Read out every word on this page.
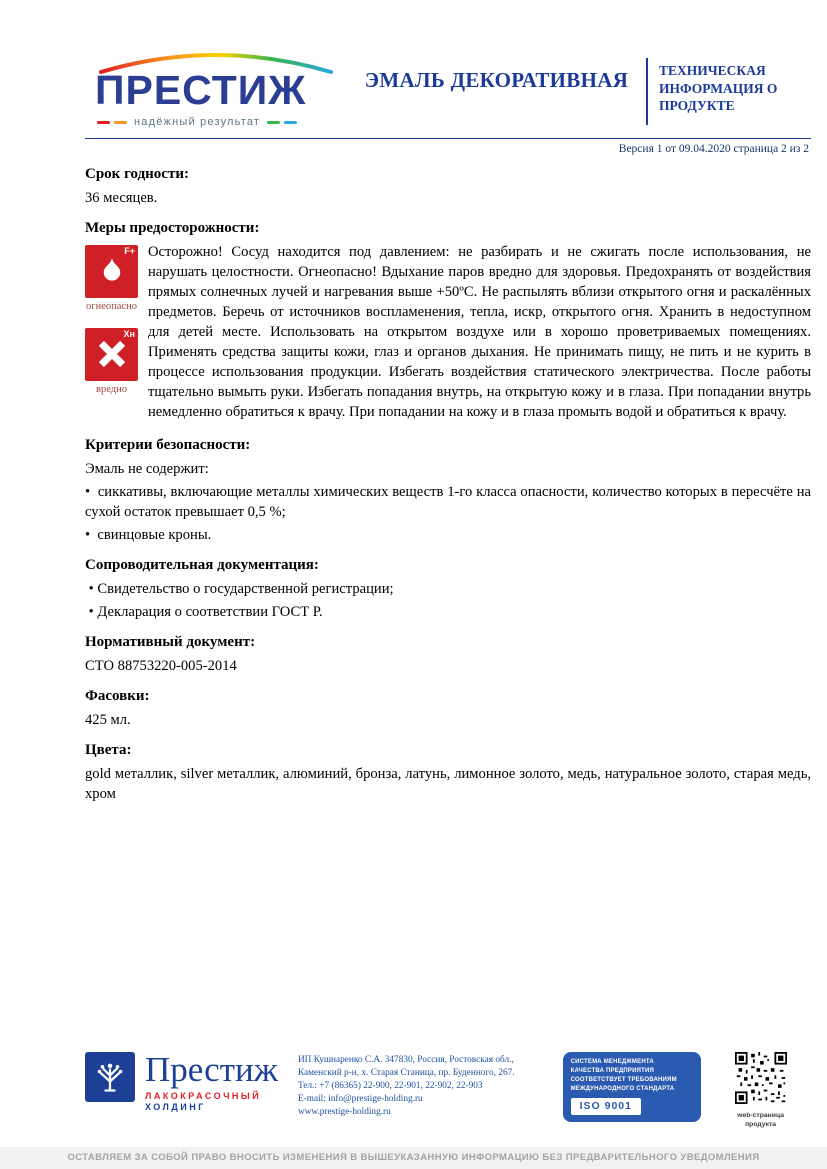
ПРЕСТИЖ
надёжный результат
ЭМАЛЬ ДЕКОРАТИВНАЯ	ТЕХНИЧЕСКАЯ ИНФОРМАЦИЯ О ПРОДУКТЕ
Версия 1 от 09.04.2020 страница 2 из 2

Срок годности:

36 месяцев.

Меры предосторожности:

F+
огнеопасно
Хн
вредно

Осторожно! Сосуд находится под давлением: не разбирать и не сжигать после использования, не нарушать целостности. Огнеопасно! Вдыхание паров вредно для здоровья. Предохранять от воздействия прямых солнечных лучей и нагревания выше +50ºС. Не распылять вблизи открытого огня и раскалённых предметов. Беречь от источников воспламенения, тепла, искр, открытого огня. Хранить в недоступном для детей месте. Использовать на открытом воздухе или в хорошо проветриваемых помещениях. Применять средства защиты кожи, глаз и органов дыхания. Не принимать пищу, не пить и не курить в процессе использования продукции. Избегать воздействия статического электричества. После работы тщательно вымыть руки. Избегать попадания внутрь, на открытую кожу и в глаза. При попадании внутрь немедленно обратиться к врачу. При попадании на кожу и в глаза промыть водой и обратиться к врачу.

Критерии безопасности:

Эмаль не содержит:

•  сиккативы, включающие металлы химических веществ 1-го класса опасности, количество которых в пересчёте на сухой остаток превышает 0,5 %;

•  свинцовые кроны.

Сопроводительная документация:

• Свидетельство о государственной регистрации;

• Декларация о соответствии ГОСТ Р.

Нормативный документ:

СТО 88753220-005-2014

Фасовки:

425 мл.

Цвета:

gold металлик, silver металлик, алюминий, бронза, латунь, лимонное золото, медь, натуральное золото, старая медь, хром

Престиж
ЛАКОКРАСОЧНЫЙ
ХОЛДИНГ
ИП Кушнаренко С.А. 347830, Россия, Ростовская обл.,
Каменский р-н, х. Старая Станица, пр. Буденного, 267.
Тел.: +7 (86365) 22-900, 22-901, 22-902, 22-903
E-mail: info@prestige-holding.ru
www.prestige-holding.ru
СИСТЕМА МЕНЕДЖМЕНТА
КАЧЕСТВА ПРЕДПРИЯТИЯ
СООТВЕТСТВУЕТ ТРЕБОВАНИЯМ
МЕЖДУНАРОДНОГО СТАНДАРТА
ISO 9001
web-страница продукта
ОСТАВЛЯЕМ ЗА СОБОЙ ПРАВО ВНОСИТЬ ИЗМЕНЕНИЯ В ВЫШЕУКАЗАННУЮ ИНФОРМАЦИЮ БЕЗ ПРЕДВАРИТЕЛЬНОГО УВЕДОМЛЕНИЯ
